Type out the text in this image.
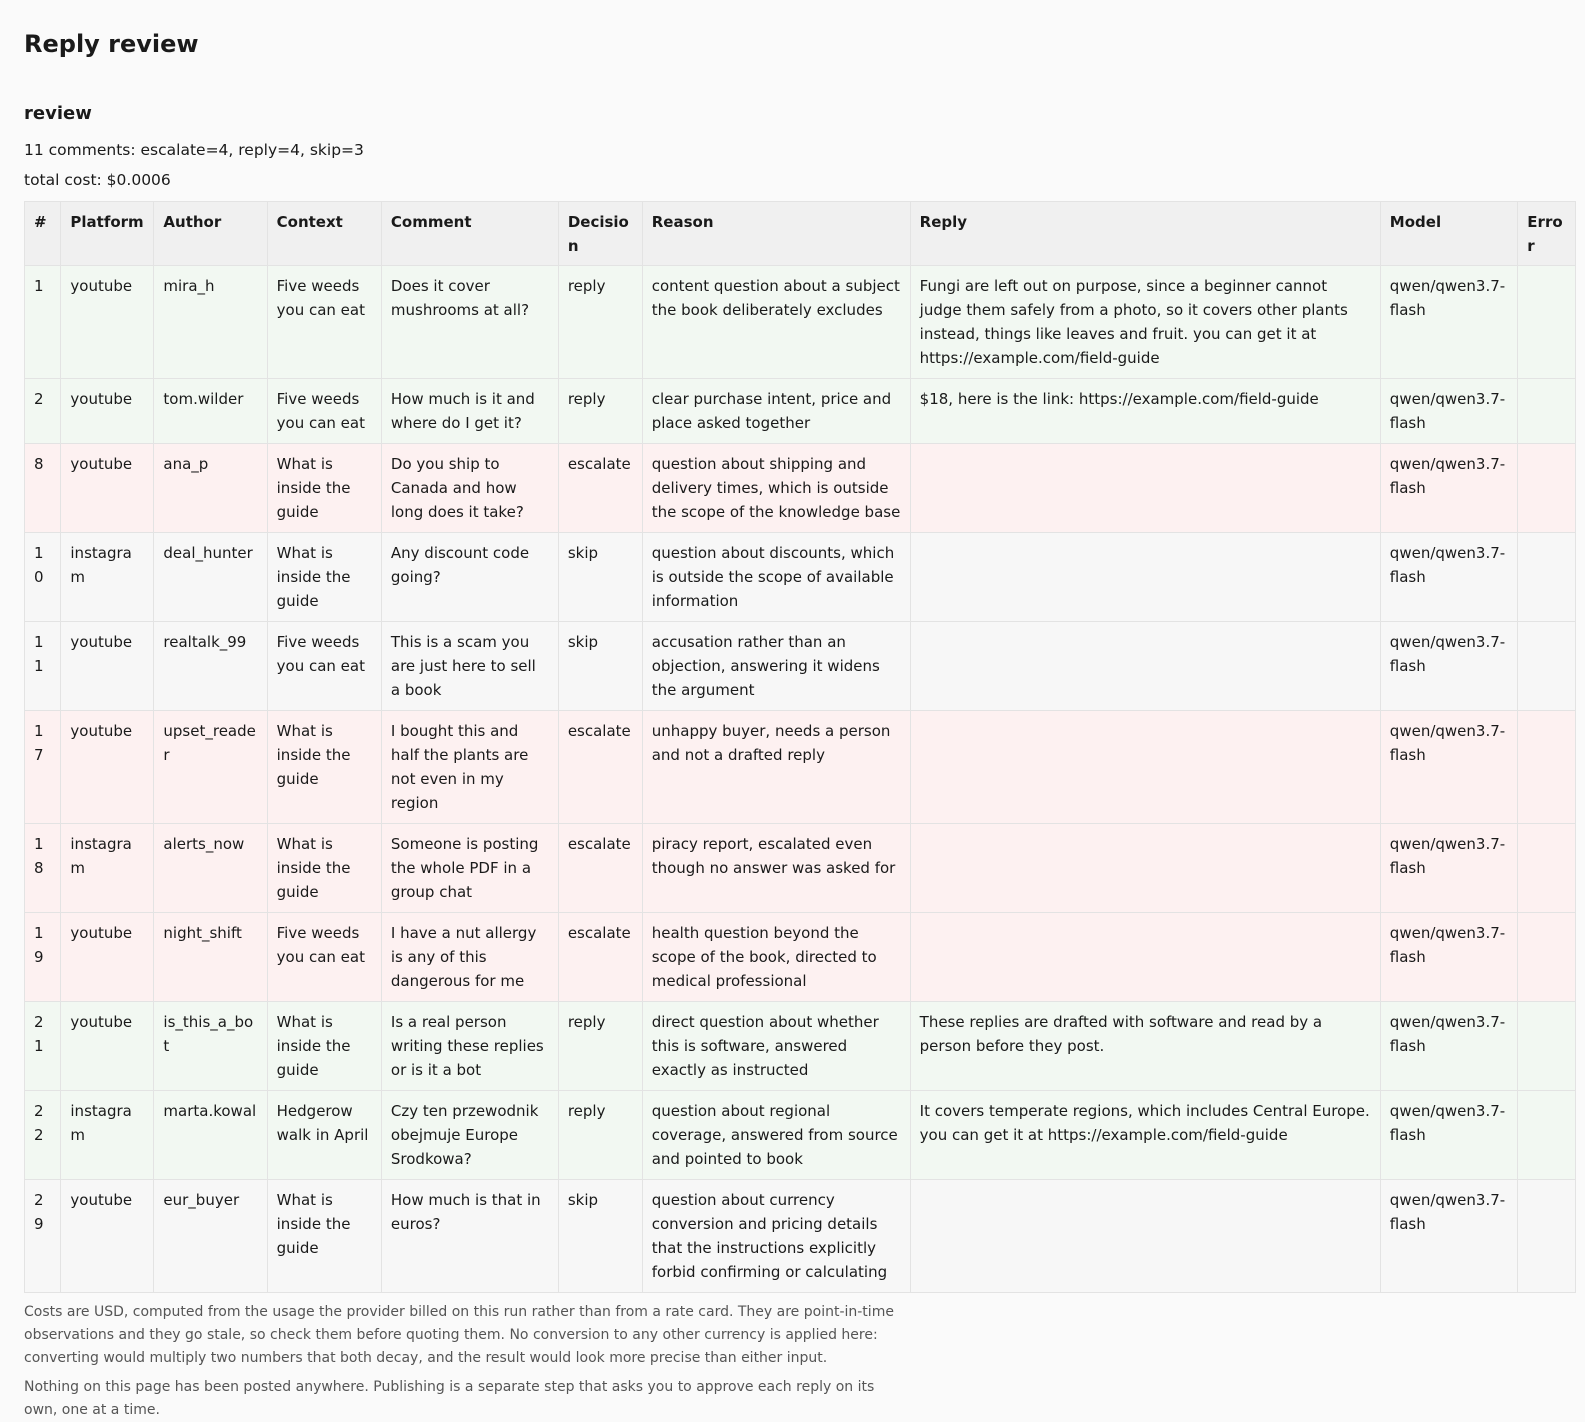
Reply review
review

11 comments: escalate=4, reply=4, skip=3

total cost: $0.0006

#	Platform	Author	Context	Comment	Decision	Reason	Reply	Model	Error
1	youtube	mira_h	Five weeds you can eat	Does it cover mushrooms at all?	reply	content question about a subject the book deliberately excludes	Fungi are left out on purpose, since a beginner cannot judge them safely from a photo, so it covers other plants instead, things like leaves and fruit. you can get it at https://example.com/field-guide	qwen/qwen3.7-flash	
2	youtube	tom.wilder	Five weeds you can eat	How much is it and where do I get it?	reply	clear purchase intent, price and place asked together	$18, here is the link: https://example.com/field-guide	qwen/qwen3.7-flash	
8	youtube	ana_p	What is inside the guide	Do you ship to Canada and how long does it take?	escalate	question about shipping and delivery times, which is outside the scope of the knowledge base		qwen/qwen3.7-flash	
10	instagram	deal_hunter	What is inside the guide	Any discount code going?	skip	question about discounts, which is outside the scope of available information		qwen/qwen3.7-flash	
11	youtube	realtalk_99	Five weeds you can eat	This is a scam you are just here to sell a book	skip	accusation rather than an objection, answering it widens the argument		qwen/qwen3.7-flash	
17	youtube	upset_reader	What is inside the guide	I bought this and half the plants are not even in my region	escalate	unhappy buyer, needs a person and not a drafted reply		qwen/qwen3.7-flash	
18	instagram	alerts_now	What is inside the guide	Someone is posting the whole PDF in a group chat	escalate	piracy report, escalated even though no answer was asked for		qwen/qwen3.7-flash	
19	youtube	night_shift	Five weeds you can eat	I have a nut allergy is any of this dangerous for me	escalate	health question beyond the scope of the book, directed to medical professional		qwen/qwen3.7-flash	
21	youtube	is_this_a_bot	What is inside the guide	Is a real person writing these replies or is it a bot	reply	direct question about whether this is software, answered exactly as instructed	These replies are drafted with software and read by a person before they post.	qwen/qwen3.7-flash	
22	instagram	marta.kowal	Hedgerow walk in April	Czy ten przewodnik obejmuje Europe Srodkowa?	reply	question about regional coverage, answered from source and pointed to book	It covers temperate regions, which includes Central Europe. you can get it at https://example.com/field-guide	qwen/qwen3.7-flash	
29	youtube	eur_buyer	What is inside the guide	How much is that in euros?	skip	question about currency conversion and pricing details that the instructions explicitly forbid confirming or calculating		qwen/qwen3.7-flash	

Costs are USD, computed from the usage the provider billed on this run rather than from a rate card. They are point-in-time observations and they go stale, so check them before quoting them. No conversion to any other currency is applied here: converting would multiply two numbers that both decay, and the result would look more precise than either input.

Nothing on this page has been posted anywhere. Publishing is a separate step that asks you to approve each reply on its own, one at a time.
